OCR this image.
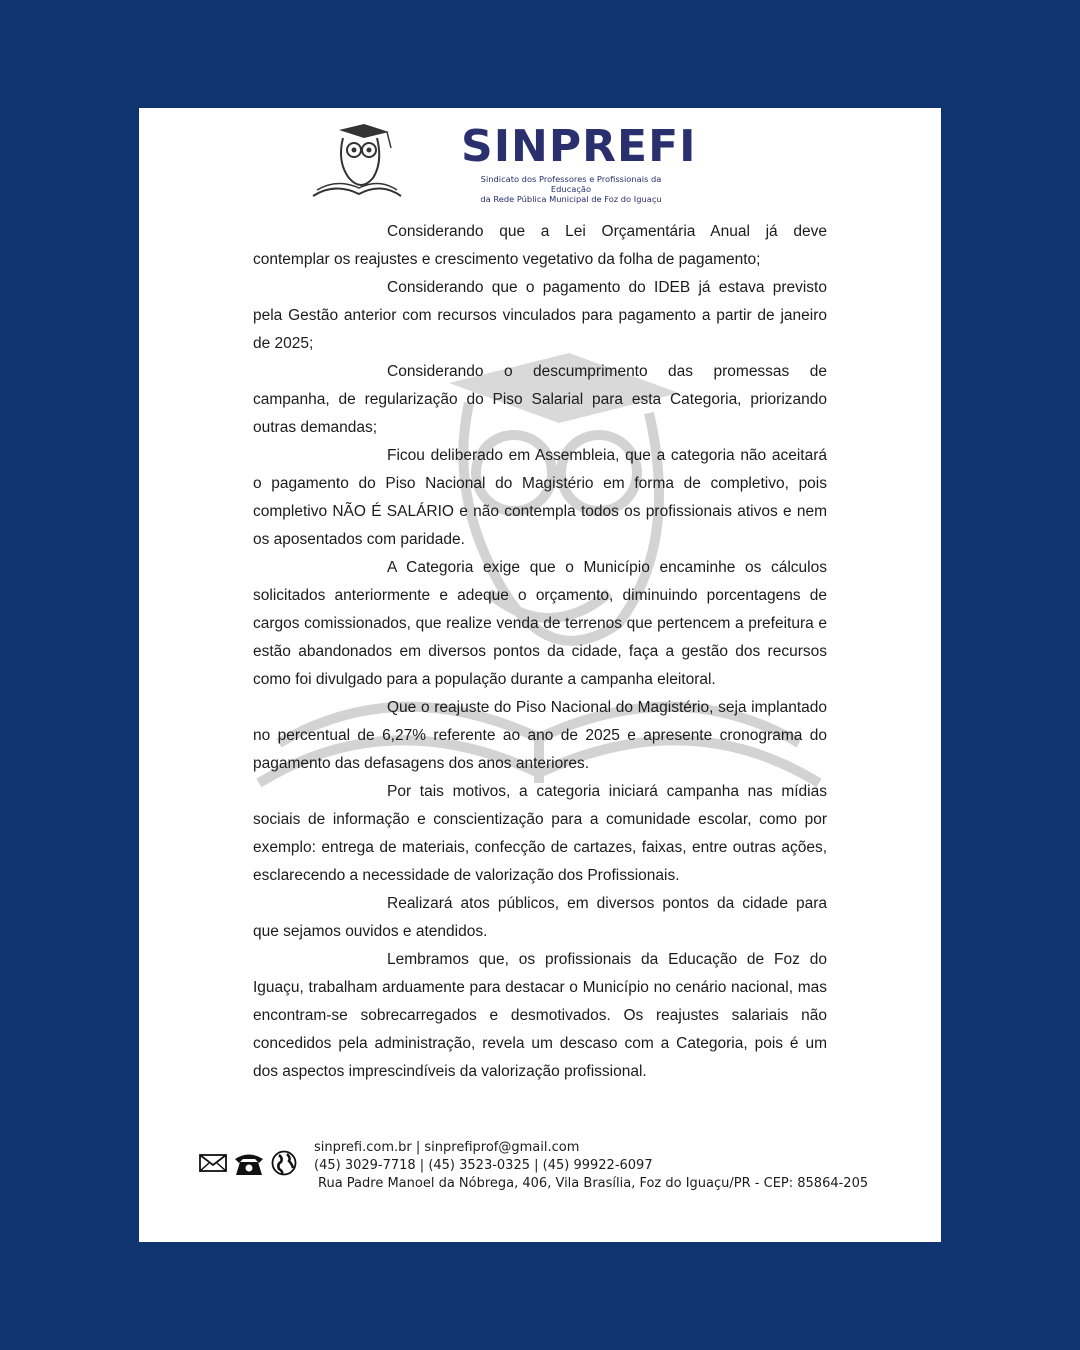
SINPREFI
Sindicato dos Professores e Profissionais da Educação
da Rede Pública Municipal de Foz do Iguaçu

Considerando que a Lei Orçamentária Anual já deve contemplar os reajustes e crescimento vegetativo da folha de pagamento;

Considerando que o pagamento do IDEB já estava previsto pela Gestão anterior com recursos vinculados para pagamento a partir de janeiro de 2025;

Considerando o descumprimento das promessas de campanha, de regularização do Piso Salarial para esta Categoria, priorizando outras demandas;

Ficou deliberado em Assembleia, que a categoria não aceitará o pagamento do Piso Nacional do Magistério em forma de completivo, pois completivo NÃO É SALÁRIO e não contempla todos os profissionais ativos e nem os aposentados com paridade.

A Categoria exige que o Município encaminhe os cálculos solicitados anteriormente e adeque o orçamento, diminuindo porcentagens de cargos comissionados, que realize venda de terrenos que pertencem a prefeitura e estão abandonados em diversos pontos da cidade, faça a gestão dos recursos como foi divulgado para a população durante a campanha eleitoral.

Que o reajuste do Piso Nacional do Magistério, seja implantado no percentual de 6,27% referente ao ano de 2025 e apresente cronograma do pagamento das defasagens dos anos anteriores.

Por tais motivos, a categoria iniciará campanha nas mídias sociais de informação e conscientização para a comunidade escolar, como por exemplo: entrega de materiais, confecção de cartazes, faixas, entre outras ações, esclarecendo a necessidade de valorização dos Profissionais.

Realizará atos públicos, em diversos pontos da cidade para que sejamos ouvidos e atendidos.

Lembramos que, os profissionais da Educação de Foz do Iguaçu, trabalham arduamente para destacar o Município no cenário nacional, mas encontram-se sobrecarregados e desmotivados. Os reajustes salariais não concedidos pela administração, revela um descaso com a Categoria, pois é um dos aspectos imprescindíveis da valorização profissional.

sinprefi.com.br | sinprefiprof@gmail.com
(45) 3029-7718 | (45) 3523-0325 | (45) 99922-6097
Rua Padre Manoel da Nóbrega, 406, Vila Brasília, Foz do Iguaçu/PR - CEP: 85864-205
